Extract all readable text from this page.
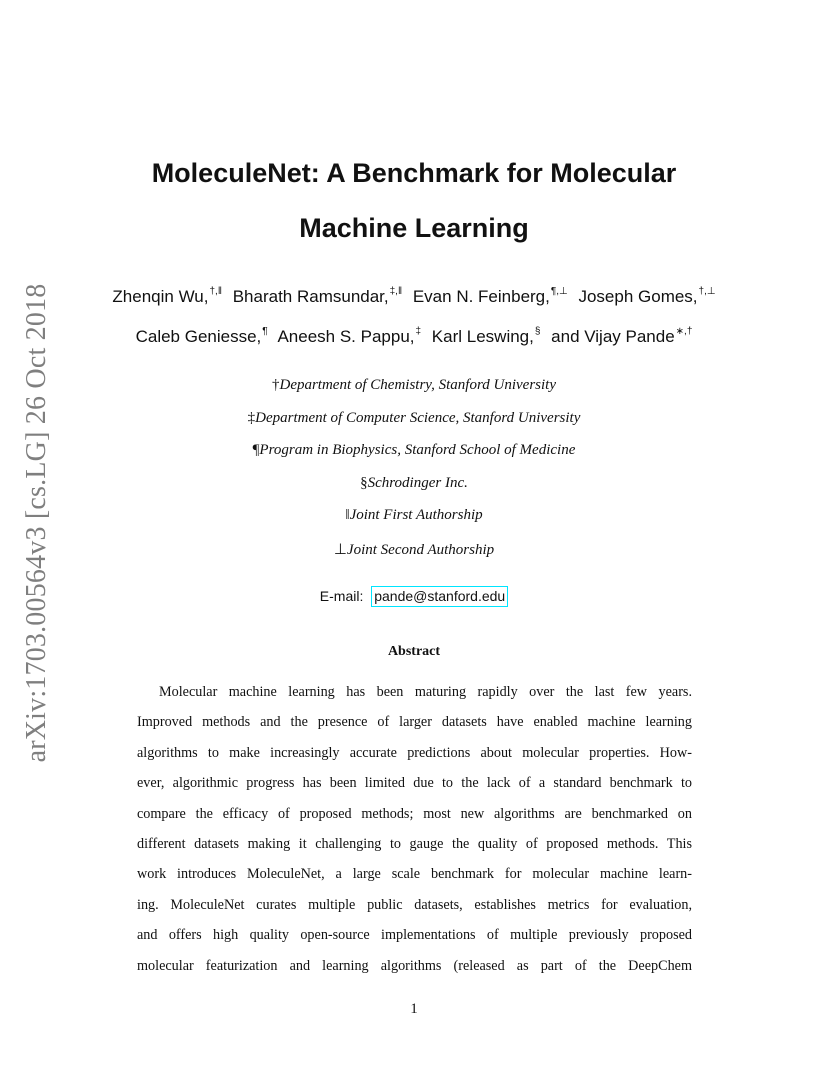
arXiv:1703.00564v3 [cs.LG] 26 Oct 2018
MoleculeNet: A Benchmark for Molecular
Machine Learning
Zhenqin Wu,†,‖ Bharath Ramsundar,‡,‖ Evan N. Feinberg,¶,⊥ Joseph Gomes,†,⊥
Caleb Geniesse,¶ Aneesh S. Pappu,‡ Karl Leswing,§ and Vijay Pande∗,†
†Department of Chemistry, Stanford University
‡Department of Computer Science, Stanford University
¶Program in Biophysics, Stanford School of Medicine
§Schrodinger Inc.
‖Joint First Authorship
⊥Joint Second Authorship
E-mail: pande@stanford.edu
Abstract
Molecular machine learning has been maturing rapidly over the last few years.
Improved methods and the presence of larger datasets have enabled machine learning
algorithms to make increasingly accurate predictions about molecular properties. How-
ever, algorithmic progress has been limited due to the lack of a standard benchmark to
compare the efficacy of proposed methods; most new algorithms are benchmarked on
different datasets making it challenging to gauge the quality of proposed methods. This
work introduces MoleculeNet, a large scale benchmark for molecular machine learn-
ing. MoleculeNet curates multiple public datasets, establishes metrics for evaluation,
and offers high quality open-source implementations of multiple previously proposed
molecular featurization and learning algorithms (released as part of the DeepChem
1
